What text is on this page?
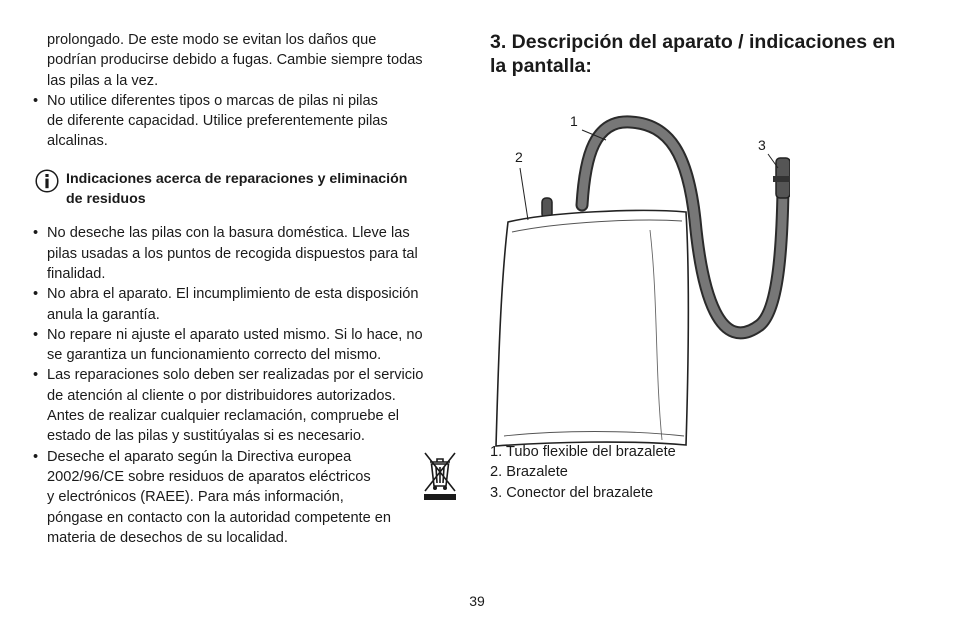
prolongado. De este modo se evitan los daños que
podrían producirse debido a fugas. Cambie siempre todas
las pilas a la vez.
• No utilice diferentes tipos o marcas de pilas ni pilas
de diferente capacidad. Utilice preferentemente pilas
alcalinas.
Indicaciones acerca de reparaciones y eliminación
de residuos
• No deseche las pilas con la basura doméstica. Lleve las
pilas usadas a los puntos de recogida dispuestos para tal
finalidad.
• No abra el aparato. El incumplimiento de esta disposición
anula la garantía.
• No repare ni ajuste el aparato usted mismo. Si lo hace, no
se garantiza un funcionamiento correcto del mismo.
• Las reparaciones solo deben ser realizadas por el servicio
de atención al cliente o por distribuidores autorizados.
Antes de realizar cualquier reclamación, compruebe el
estado de las pilas y sustitúyalas si es necesario.
• Deseche el aparato según la Directiva europea
2002/96/CE sobre residuos de aparatos eléctricos
y electrónicos (RAEE). Para más información,
póngase en contacto con la autoridad competente en
materia de desechos de su localidad.
3. Descripción del aparato / indicaciones en
la pantalla:
1
2
3
1. Tubo flexible del brazalete
2. Brazalete
3. Conector del brazalete
39
